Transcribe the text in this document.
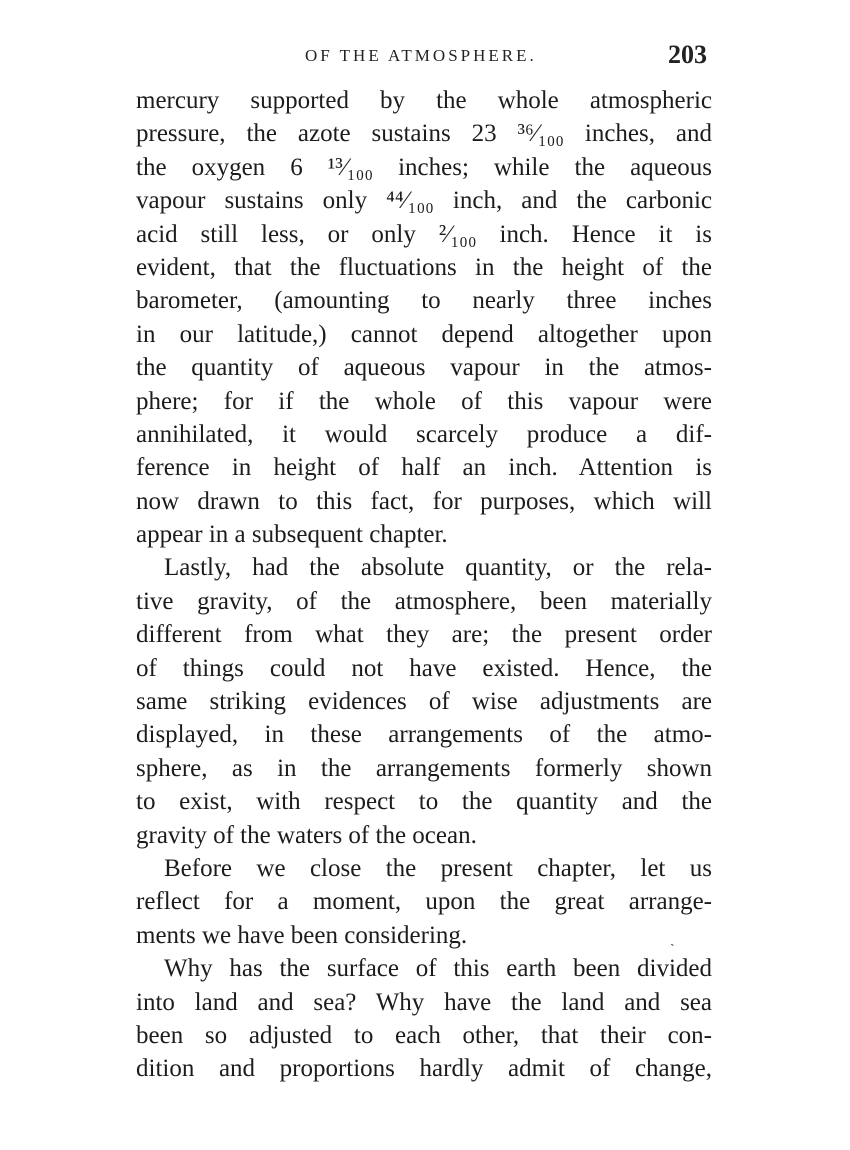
OF THE ATMOSPHERE.	203
mercury supported by the whole atmospheric
pressure, the azote sustains 23 ³⁶⁄₁₀₀ inches, and
the oxygen 6 ¹³⁄₁₀₀ inches; while the aqueous
vapour sustains only ⁴⁴⁄₁₀₀ inch, and the carbonic
acid still less, or only ²⁄₁₀₀ inch. Hence it is
evident, that the fluctuations in the height of the
barometer, (amounting to nearly three inches
in our latitude,) cannot depend altogether upon
the quantity of aqueous vapour in the atmos-
phere; for if the whole of this vapour were
annihilated, it would scarcely produce a dif-
ference in height of half an inch. Attention is
now drawn to this fact, for purposes, which will
appear in a subsequent chapter.
Lastly, had the absolute quantity, or the rela-
tive gravity, of the atmosphere, been materially
different from what they are; the present order
of things could not have existed. Hence, the
same striking evidences of wise adjustments are
displayed, in these arrangements of the atmo-
sphere, as in the arrangements formerly shown
to exist, with respect to the quantity and the
gravity of the waters of the ocean.
Before we close the present chapter, let us
reflect for a moment, upon the great arrange-
ments we have been considering.
Why has the surface of this earth been divided
into land and sea? Why have the land and sea
been so adjusted to each other, that their con-
dition and proportions hardly admit of change,
ˎ
